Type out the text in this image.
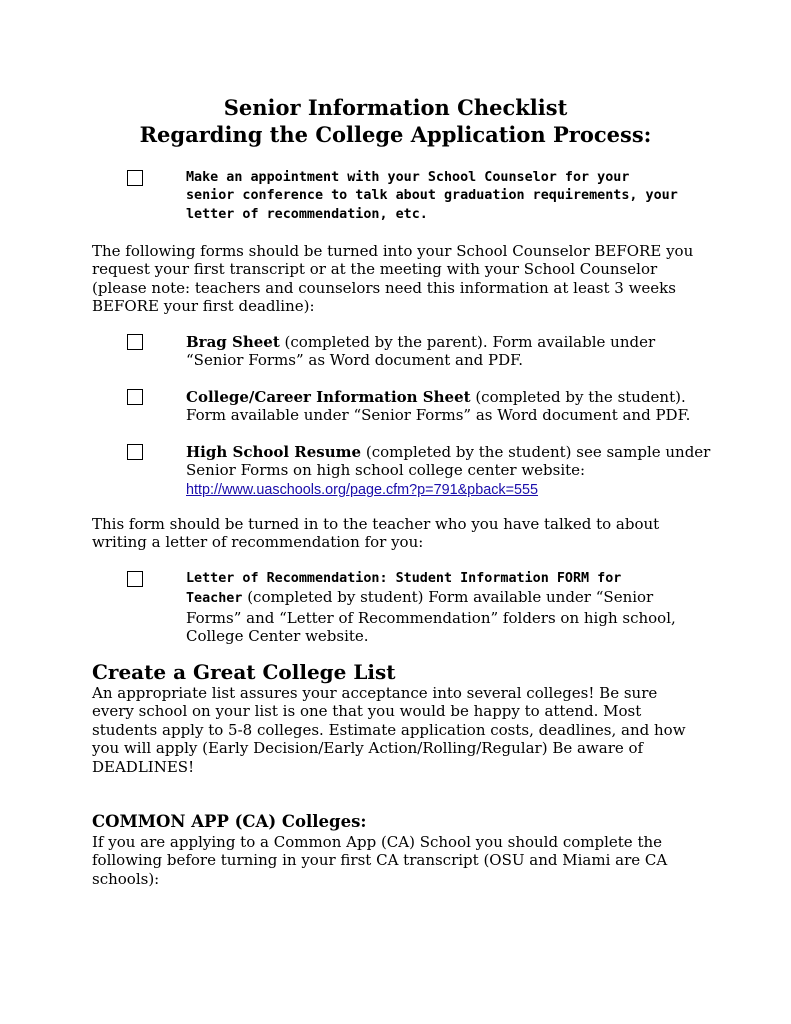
Senior Information Checklist
Regarding the College Application Process:
Make an appointment with your School Counselor for your
senior conference to talk about graduation requirements, your
letter of recommendation, etc.
The following forms should be turned into your School Counselor BEFORE you
request your first transcript or at the meeting with your School Counselor
(please note: teachers and counselors need this information at least 3 weeks
BEFORE your first deadline):
Brag Sheet (completed by the parent). Form available under
“Senior Forms” as Word document and PDF.
College/Career Information Sheet (completed by the student).
Form available under “Senior Forms” as Word document and PDF.
High School Resume (completed by the student) see sample under
Senior Forms on high school college center website:
http://www.uaschools.org/page.cfm?p=791&pback=555
This form should be turned in to the teacher who you have talked to about
writing a letter of recommendation for you:
Letter of Recommendation: Student Information FORM for
Teacher (completed by student) Form available under “Senior
Forms” and “Letter of Recommendation” folders on high school,
College Center website.
Create a Great College List
An appropriate list assures your acceptance into several colleges! Be sure
every school on your list is one that you would be happy to attend. Most
students apply to 5-8 colleges. Estimate application costs, deadlines, and how
you will apply (Early Decision/Early Action/Rolling/Regular) Be aware of
DEADLINES!
COMMON APP (CA) Colleges:
If you are applying to a Common App (CA) School you should complete the
following before turning in your first CA transcript (OSU and Miami are CA
schools):
